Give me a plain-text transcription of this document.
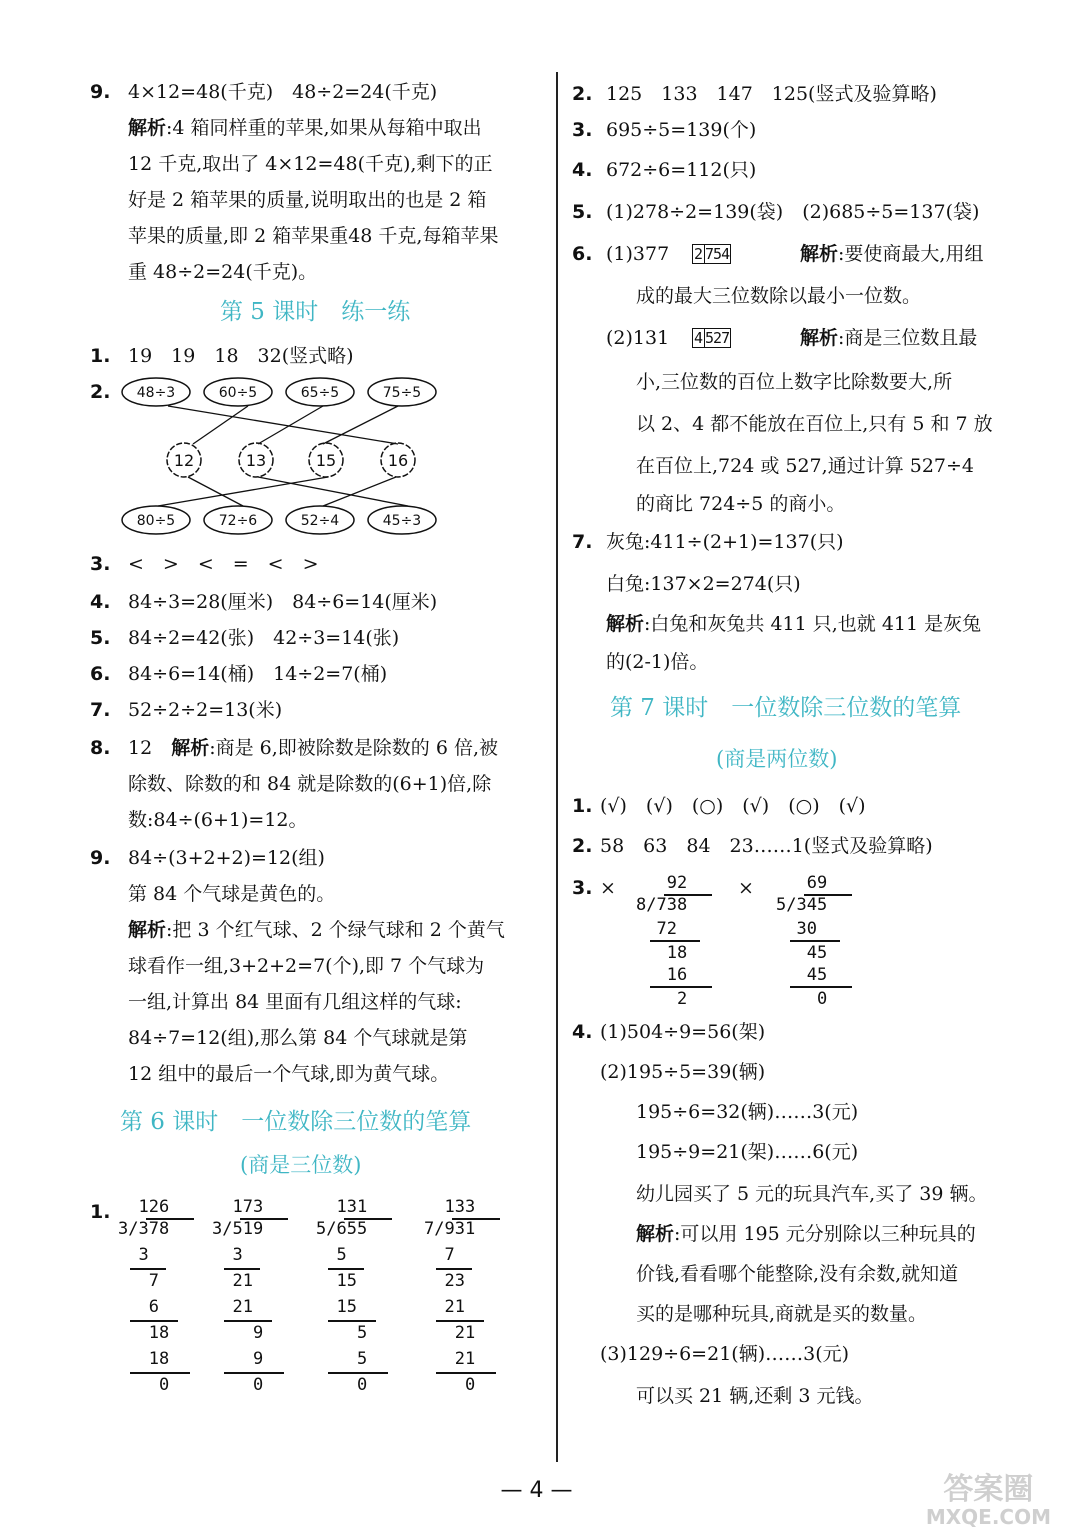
9. 4×12=48(千克)　48÷2=24(千克)
解析:4 箱同样重的苹果,如果从每箱中取出
12 千克,取出了 4×12=48(千克),剩下的正
好是 2 箱苹果的质量,说明取出的也是 2 箱
苹果的质量,即 2 箱苹果重48 千克,每箱苹果
重 48÷2=24(千克)。
第 5 课时　练一练
1. 19　19　18　32(竖式略)
2. 48÷3	60÷5	65÷5	75÷5
12	13	15	16
80÷5	72÷6	52÷4	45÷3
3. <　>　<　=　<　>
4. 84÷3=28(厘米)　84÷6=14(厘米)
5. 84÷2=42(张)　42÷3=14(张)
6. 84÷6=14(桶)　14÷2=7(桶)
7. 52÷2÷2=13(米)
8. 12　解析:商是 6,即被除数是除数的 6 倍,被
除数、除数的和 84 就是除数的(6+1)倍,除
数:84÷(6+1)=12。
9. 84÷(3+2+2)=12(组)
第 84 个气球是黄色的。
解析:把 3 个红气球、2 个绿气球和 2 个黄气
球看作一组,3+2+2=7(个),即 7 个气球为
一组,计算出 84 里面有几组这样的气球:
84÷7=12(组),那么第 84 个气球就是第
12 组中的最后一个气球,即为黄气球。
第 6 课时　一位数除三位数的笔算
(商是三位数)
1. 126
3/378
3
7
6
18
18
0
173
3/519
3
21
21
9
9
0
131
5/655
5
15
15
5
5
0
133
7/931
7
23
21
21
21
0
2. 125　133　147　125(竖式及验算略)
3. 695÷5=139(个)
4. 672÷6=112(只)
5. (1)278÷2=139(袋)　(2)685÷5=137(袋)
6. (1)377 2 754	解析:要使商最大,用组
成的最大三位数除以最小一位数。
(2)131 4 527	解析:商是三位数且最
小,三位数的百位上数字比除数要大,所
以 2、4 都不能放在百位上,只有 5 和 7 放
在百位上,724 或 527,通过计算 527÷4
的商比 724÷5 的商小。
7. 灰兔:411÷(2+1)=137(只)
白兔:137×2=274(只)
解析:白兔和灰兔共 411 只,也就 411 是灰兔
的(2-1)倍。
第 7 课时　一位数除三位数的笔算
(商是两位数)
1. (√)　(√)　(○)　(√)　(○)　(√)
2. 58　63　84　23……1(竖式及验算略)
3. ×	×
92
8/738
72
18
16
2
69
5/345
30
45
45
0
4. (1)504÷9=56(架)
(2)195÷5=39(辆)
195÷6=32(辆)……3(元)
195÷9=21(架)……6(元)
幼儿园买了 5 元的玩具汽车,买了 39 辆。
解析:可以用 195 元分别除以三种玩具的
价钱,看看哪个能整除,没有余数,就知道
买的是哪种玩具,商就是买的数量。
(3)129÷6=21(辆)……3(元)
可以买 21 辆,还剩 3 元钱。
— 4 —	答案圈
MXQE.COM
